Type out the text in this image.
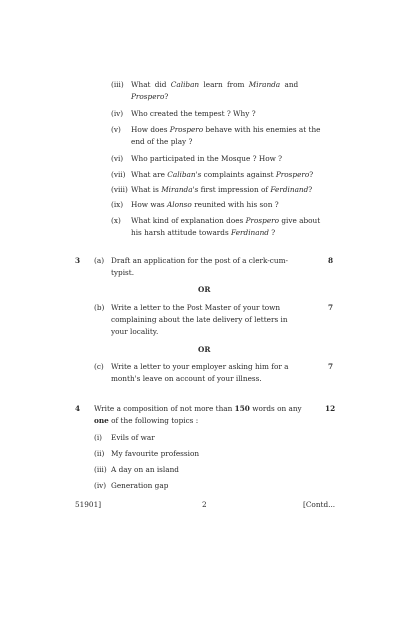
(iii) What did Caliban learn from Miranda and
Prospero?
(iv) Who created the tempest ? Why ?
(v) How does Prospero behave with his enemies at the
end of the play ?
(vi) Who participated in the Mosque ? How ?
(vii) What are Caliban's complaints against Prospero?
(viii) What is Miranda's first impression of Ferdinand?
(ix) How was Alonso reunited with his son ?
(x) What kind of explanation does Prospero give about
his harsh attitude towards Ferdinand ?
3 (a) Draft an application for the post of a clerk-cum-
typist.
8
OR
(b) Write a letter to the Post Master of your town
complaining about the late delivery of letters in
your locality.
7
OR
(c) Write a letter to your employer asking him for a
month's leave on account of your illness.
7
4 Write a composition of not more than 150 words on any
one of the following topics :
12
(i) Evils of war
(ii) My favourite profession
(iii) A day on an island
(iv) Generation gap
51901]	2	[Contd...
